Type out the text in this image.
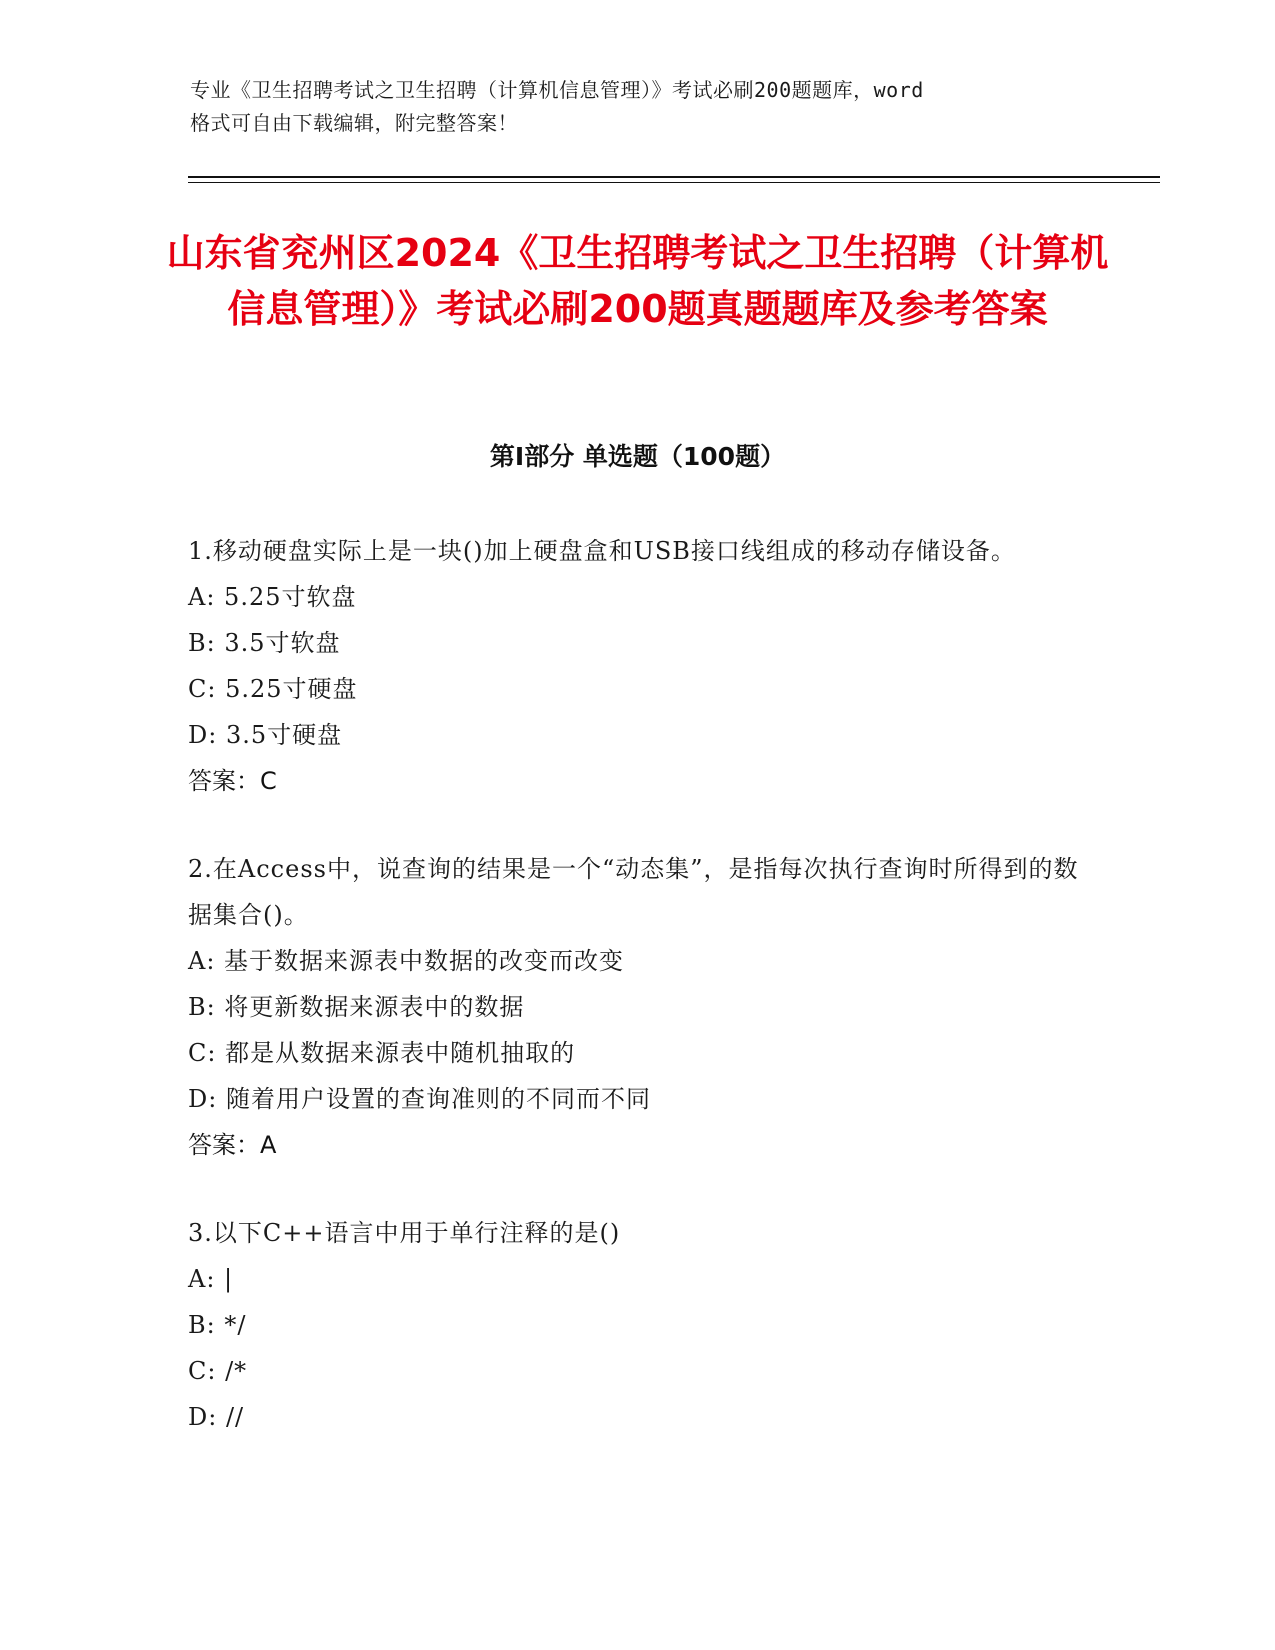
专业《卫生招聘考试之卫生招聘（计算机信息管理）》考试必刷200题题库，word
格式可自由下载编辑，附完整答案！
山东省兖州区2024《卫生招聘考试之卫生招聘（计算机信息管理）》考试必刷200题真题题库及参考答案
第I部分 单选题（100题）
1.移动硬盘实际上是一块()加上硬盘盒和USB接口线组成的移动存储设备。
A: 5.25寸软盘
B: 3.5寸软盘
C: 5.25寸硬盘
D: 3.5寸硬盘
答案：C
2.在Access中，说查询的结果是一个“动态集”，是指每次执行查询时所得到的数据集合()。
A: 基于数据来源表中数据的改变而改变
B: 将更新数据来源表中的数据
C: 都是从数据来源表中随机抽取的
D: 随着用户设置的查询准则的不同而不同
答案：A
3.以下C++语言中用于单行注释的是()
A: |
B: */
C: /*
D: //
